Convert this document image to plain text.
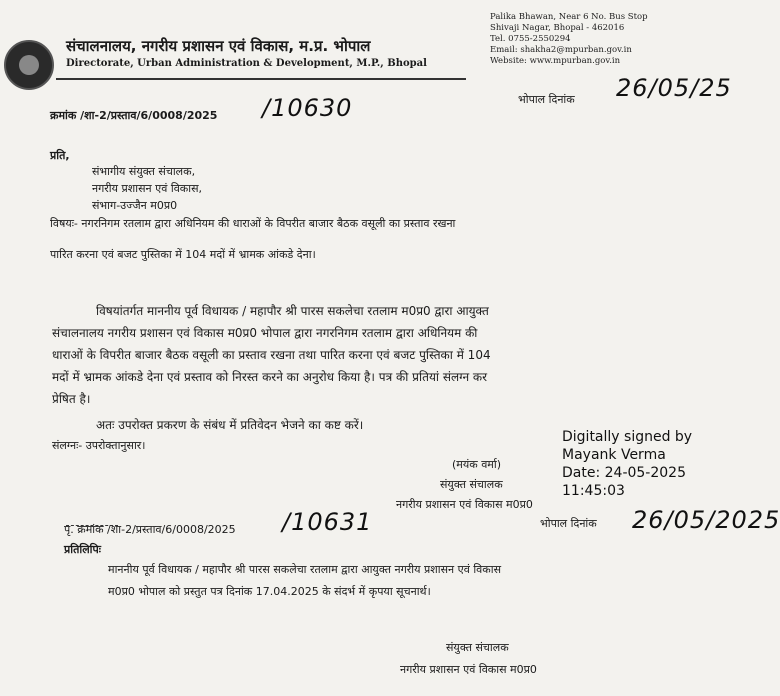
संचालनालय, नगरीय प्रशासन एवं विकास, म.प्र. भोपाल
Directorate, Urban Administration & Development, M.P., Bhopal
Palika Bhawan, Near 6 No. Bus Stop
Shivaji Nagar, Bhopal - 462016
Tel. 0755-2550294
Email: shakha2@mpurban.gov.in
Website: www.mpurban.gov.in
क्रमांक /शा-2/प्रस्ताव/6/0008/2025 /10630	भोपाल दिनांक 26/05/25
प्रति,
संभागीय संयुक्त संचालक,
नगरीय प्रशासन एवं विकास,
संभाग-उज्जैन म0प्र0
विषयः- नगरनिगम रतलाम द्वारा अधिनियम की धाराओं के विपरीत बाजार बैठक वसूली का प्रस्ताव रखना
पारित करना एवं बजट पुस्तिका में 104 मदों में भ्रामक आंकडे देना।
विषयांतर्गत माननीय पूर्व विधायक / महापौर श्री पारस सकलेचा रतलाम म0प्र0 द्वारा आयुक्त
संचालनालय नगरीय प्रशासन एवं विकास म0प्र0 भोपाल द्वारा नगरनिगम रतलाम द्वारा अधिनियम की
धाराओं के विपरीत बाजार बैठक वसूली का प्रस्ताव रखना तथा पारित करना एवं बजट पुस्तिका में 104
मदों में भ्रामक आंकडे देना एवं प्रस्ताव को निरस्त करने का अनुरोध किया है। पत्र की प्रतियां संलग्न कर
प्रेषित है।
अतः उपरोक्त प्रकरण के संबंध में प्रतिवेदन भेजने का कष्ट करें।
संलग्नः- उपरोक्तानुसार।
(मयंक वर्मा)
संयुक्त संचालक
नगरीय प्रशासन एवं विकास म0प्र0
Digitally signed by
Mayank Verma
Date: 24-05-2025
11:45:03
पृ. क्रमांक /शा-2/प्रस्ताव/6/0008/2025 /10631	भोपाल दिनांक 26/05/2025
प्रतिलिपिः
माननीय पूर्व विधायक / महापौर श्री पारस सकलेचा रतलाम द्वारा आयुक्त नगरीय प्रशासन एवं विकास
म0प्र0 भोपाल को प्रस्तुत पत्र दिनांक 17.04.2025 के संदर्भ में कृपया सूचनार्थ।
संयुक्त संचालक
नगरीय प्रशासन एवं विकास म0प्र0
